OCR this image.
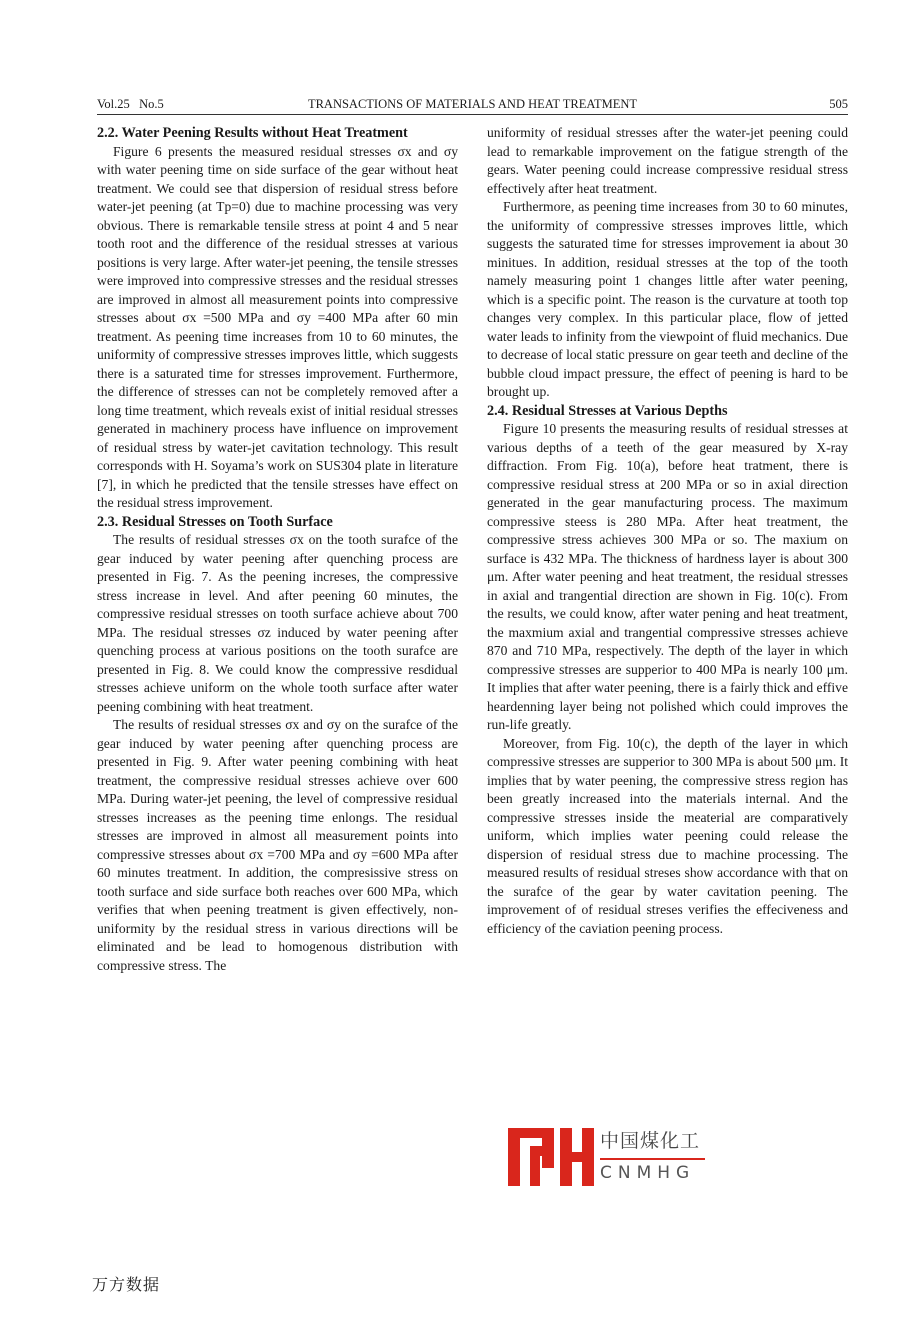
Vol.25   No.5	TRANSACTIONS OF MATERIALS AND HEAT TREATMENT	505
2.2. Water Peening Results without Heat Treatment

Figure 6 presents the measured residual stresses σx and σy with water peening time on side surface of the gear without heat treatment. We could see that dispersion of residual stress before water-jet peening (at Tp=0) due to machine processing was very obvious. There is remarkable tensile stress at point 4 and 5 near tooth root and the difference of the residual stresses at various positions is very large. After water-jet peening, the tensile stresses were improved into compressive stresses and the residual stresses are improved in almost all measurement points into compressive stresses about σx =500 MPa and σy =400 MPa after 60 min treatment. As peening time increases from 10 to 60 minutes, the uniformity of compressive stresses improves little, which suggests there is a saturated time for stresses improvement. Furthermore, the difference of stresses can not be completely removed after a long time treatment, which reveals exist of initial residual stresses generated in machinery process have influence on improvement of residual stress by water-jet cavitation technology. This result corresponds with H. Soyama’s work on SUS304 plate in literature [7], in which he predicted that the tensile stresses have effect on the residual stress improvement.

2.3. Residual Stresses on Tooth Surface

The results of residual stresses σx on the tooth surafce of the gear induced by water peening after quenching process are presented in Fig. 7. As the peening increses, the compressive stress increase in level. And after peening 60 minutes, the compressive residual stresses on tooth surface achieve about 700 MPa. The residual stresses σz induced by water peening after quenching process at various positions on the tooth surafce are presented in Fig. 8. We could know the compressive resdidual stresses achieve uniform on the whole tooth surface after water peening combining with heat treatment.

The results of residual stresses σx and σy on the surafce of the gear induced by water peening after quenching process are presented in Fig. 9. After water peening combining with heat treatment, the compressive residual stresses achieve over 600 MPa. During water-jet peening, the level of compressive residual stresses increases as the peening time enlongs. The residual stresses are improved in almost all measurement points into compressive stresses about σx =700 MPa and σy =600 MPa after 60 minutes treatment. In addition, the compresissive stress on tooth surface and side surface both reaches over 600 MPa, which verifies that when peening treatment is given effectively, non-uniformity by the residual stress in various directions will be eliminated and be lead to homogenous distribution with compressive stress. The

uniformity of residual stresses after the water-jet peening could lead to remarkable improvement on the fatigue strength of the gears. Water peening could increase compressive residual stress effectively after heat treatment.

Furthermore, as peening time increases from 30 to 60 minutes, the uniformity of compressive stresses improves little, which suggests the saturated time for stresses improvement ia about 30 minitues. In addition, residual stresses at the top of the tooth namely measuring point 1 changes little after water peening, which is a specific point. The reason is the curvature at tooth top changes very complex. In this particular place, flow of jetted water leads to infinity from the viewpoint of fluid mechanics. Due to decrease of local static pressure on gear teeth and decline of the bubble cloud impact pressure, the effect of peening is hard to be brought up.

2.4. Residual Stresses at Various Depths

Figure 10 presents the measuring results of residual stresses at various depths of a teeth of the gear measured by X-ray diffraction. From Fig. 10(a), before heat tratment, there is compressive residual stress at 200 MPa or so in axial direction generated in the gear manufacturing process. The maximum compressive steess is 280 MPa. After heat treatment, the compressive stress achieves 300 MPa or so. The maxium on surface is 432 MPa. The thickness of hardness layer is about 300 μm. After water peening and heat treatment, the residual stresses in axial and trangential direction are shown in Fig. 10(c). From the results, we could know, after water pening and heat treatment, the maxmium axial and trangential compressive stresses achieve 870 and 710 MPa, respectively. The depth of the layer in which compressive stresses are supperior to 400 MPa is nearly 100 μm. It implies that after water peening, there is a fairly thick and effive heardenning layer being not polished which could improves the run-life greatly.

Moreover, from Fig. 10(c), the depth of the layer in which compressive stresses are supperior to 300 MPa is about 500 μm. It implies that by water peening, the compressive stress region has been greatly increased into the materials internal. And the compressive stresses inside the meaterial are comparatively uniform, which implies water peening could release the dispersion of residual stress due to machine processing. The measured results of residual streses show accordance with that on the surafce of the gear by water cavitation peening. The improvement of of residual streses verifies the effeciveness and efficiency of the caviation peening process.

中国煤化工
CNMHG
万方数据
